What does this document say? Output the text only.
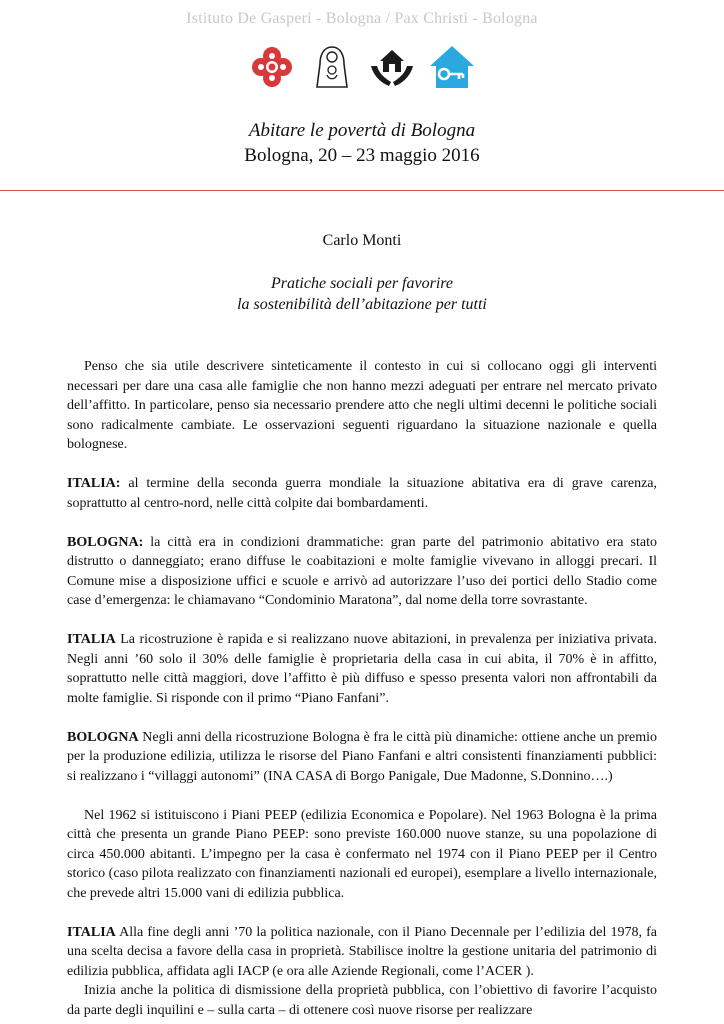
Istituto De Gasperi - Bologna / Pax Christi - Bologna
Abitare le povertà di Bologna
Bologna, 20 – 23 maggio 2016
Carlo Monti
Pratiche sociali per favorire
la sostenibilità dell’abitazione per tutti

Penso che sia utile descrivere sinteticamente il contesto in cui si collocano oggi gli interventi necessari per dare una casa alle famiglie che non hanno mezzi adeguati per entrare nel mercato privato dell’affitto. In particolare, penso sia necessario prendere atto che negli ultimi decenni le politiche sociali sono radicalmente cambiate. Le osservazioni seguenti riguardano la situazione nazionale e quella bolognese.

ITALIA: al termine della seconda guerra mondiale la situazione abitativa era di grave carenza, soprattutto al centro-nord, nelle città colpite dai bombardamenti.

BOLOGNA: la città era in condizioni drammatiche: gran parte del patrimonio abitativo era stato distrutto o danneggiato; erano diffuse le coabitazioni e molte famiglie vivevano in alloggi precari. Il Comune mise a disposizione uffici e scuole e arrivò ad autorizzare l’uso dei portici dello Stadio come case d’emergenza: le chiamavano “Condominio Maratona”, dal nome della torre sovrastante.

ITALIA La ricostruzione è rapida e si realizzano nuove abitazioni, in prevalenza per iniziativa privata. Negli anni ’60 solo il 30% delle famiglie è proprietaria della casa in cui abita, il 70% è in affitto, soprattutto nelle città maggiori, dove l’affitto è più diffuso e spesso presenta valori non affrontabili da molte famiglie. Si risponde con il primo “Piano Fanfani”.

BOLOGNA Negli anni della ricostruzione Bologna è fra le città più dinamiche: ottiene anche un premio per la produzione edilizia, utilizza le risorse del Piano Fanfani e altri consistenti finanziamenti pubblici: si realizzano i “villaggi autonomi” (INA CASA di Borgo Panigale, Due Madonne, S.Donnino….)

Nel 1962 si istituiscono i Piani PEEP (edilizia Economica e Popolare). Nel 1963 Bologna è la prima città che presenta un grande Piano PEEP: sono previste 160.000 nuove stanze, su una popolazione di circa 450.000 abitanti. L’impegno per la casa è confermato nel 1974 con il Piano PEEP per il Centro storico (caso pilota realizzato con finanziamenti nazionali ed europei), esemplare a livello internazionale, che prevede altri 15.000 vani di edilizia pubblica.

ITALIA Alla fine degli anni ’70 la politica nazionale, con il Piano Decennale per l’edilizia del 1978, fa una scelta decisa a favore della casa in proprietà. Stabilisce inoltre la gestione unitaria del patrimonio di edilizia pubblica, affidata agli IACP (e ora alle Aziende Regionali, come l’ACER ).

Inizia anche la politica di dismissione della proprietà pubblica, con l’obiettivo di favorire l’acquisto da parte degli inquilini e – sulla carta – di ottenere così nuove risorse per realizzare
